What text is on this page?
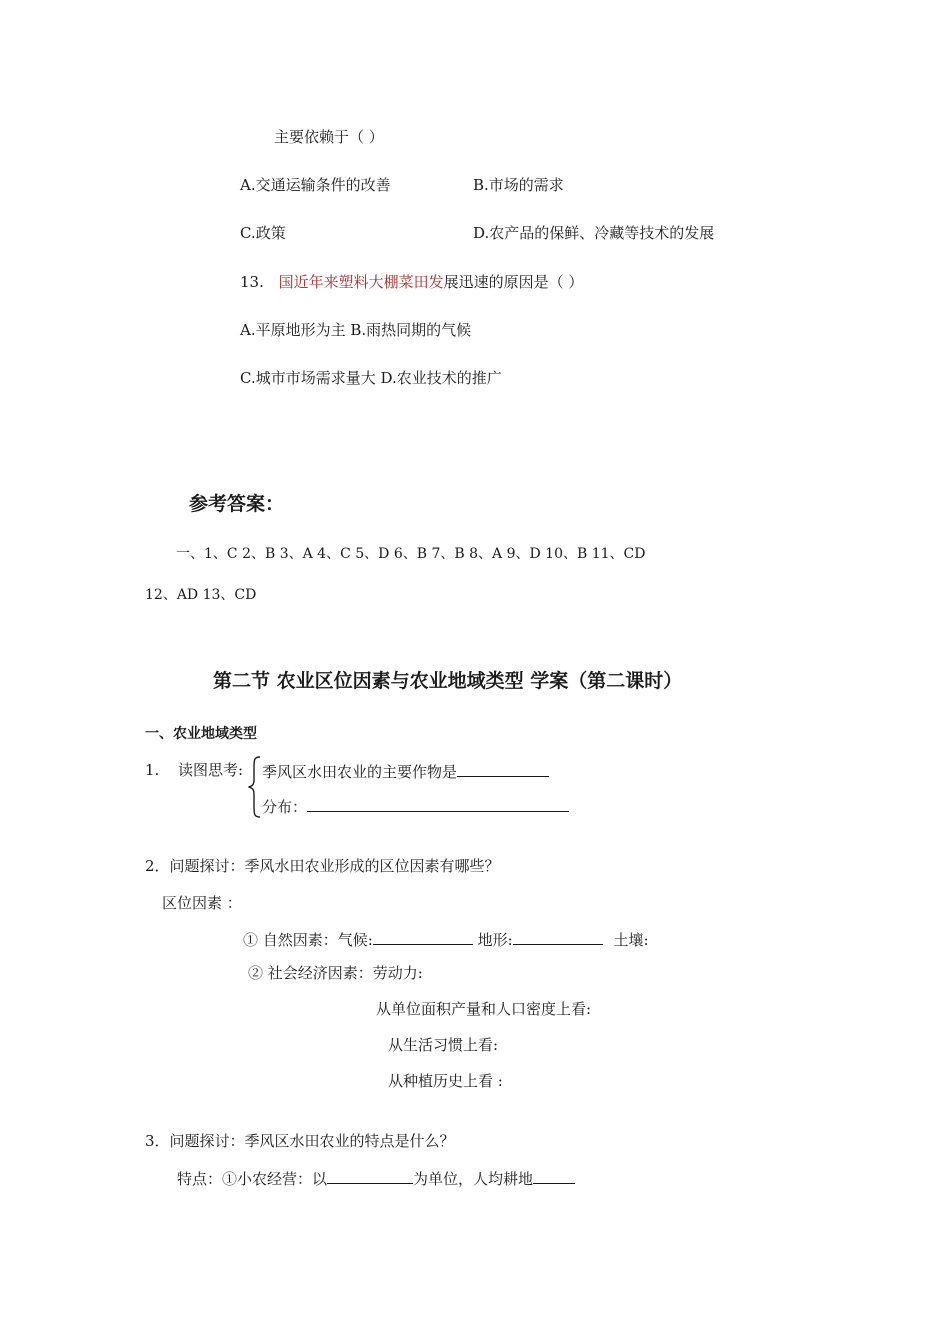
主要依赖于（ ）
A.交通运输条件的改善	B.市场的需求
C.政策	D.农产品的保鲜、冷藏等技术的发展
13. 国近年来塑料大棚菜田发展迅速的原因是（ ）
A.平原地形为主 B.雨热同期的气候
C.城市市场需求量大 D.农业技术的推广
参考答案：
一、1、C 2、B 3、A 4、C 5、D 6、B 7、B 8、A 9、D 10、B 11、CD
12、AD 13、CD
第二节 农业区位因素与农业地域类型 学案（第二课时）
一、农业地域类型
1. 读图思考: 季风区水田农业的主要作物是
分布：
2．问题探讨：季风水田农业形成的区位因素有哪些？
区位因素 ：
① 自然因素：气候:	地形:	土壤:
② 社会经济因素：劳动力:
从单位面积产量和人口密度上看:
从生活习惯上看:
从种植历史上看 :
3．问题探讨：季风区水田农业的特点是什么？
特点：①小农经营：以	为单位，人均耕地
